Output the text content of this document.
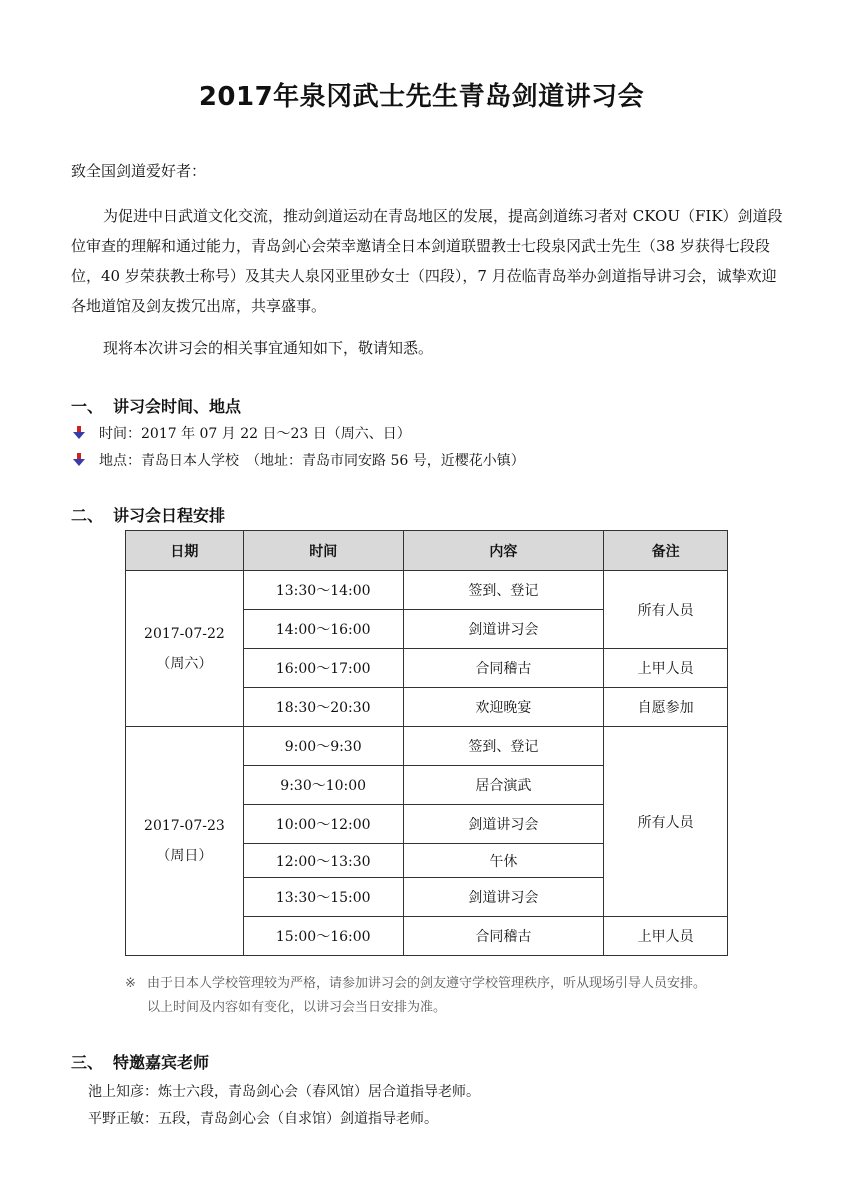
2017年泉冈武士先生青岛剑道讲习会
致全国剑道爱好者：
为促进中日武道文化交流，推动剑道运动在青岛地区的发展，提高剑道练习者对 CKOU（FIK）剑道段位审查的理解和通过能力，青岛剑心会荣幸邀请全日本剑道联盟教士七段泉冈武士先生（38 岁获得七段段位，40 岁荣获教士称号）及其夫人泉冈亚里砂女士（四段），7 月莅临青岛举办剑道指导讲习会，诚挚欢迎各地道馆及剑友拨冗出席，共享盛事。
现将本次讲习会的相关事宜通知如下，敬请知悉。
一、 讲习会时间、地点
时间：2017 年 07 月 22 日～23 日（周六、日）
地点：青岛日本人学校　（地址：青岛市同安路 56 号，近樱花小镇）
二、 讲习会日程安排
日期	时间	内容	备注

2017-07-22
（周六）	13:30～14:00	签到、登记	所有人员
	14:00～16:00	剑道讲习会	
	16:00～17:00	合同稽古	上甲人员
	18:30～20:30	欢迎晚宴	自愿参加

2017-07-23
（周日）	9:00～9:30	签到、登记	所有人员
	9:30～10:00	居合演武	
	10:00～12:00	剑道讲习会	
	12:00～13:30	午休	
	13:30～15:00	剑道讲习会	
	15:00～16:00	合同稽古	上甲人员
※ 由于日本人学校管理较为严格，请参加讲习会的剑友遵守学校管理秩序，听从现场引导人员安排。
以上时间及内容如有变化，以讲习会当日安排为准。
三、 特邀嘉宾老师
池上知彦：炼士六段，青岛剑心会（春风馆）居合道指导老师。
平野正敏：五段，青岛剑心会（自求馆）剑道指导老师。
